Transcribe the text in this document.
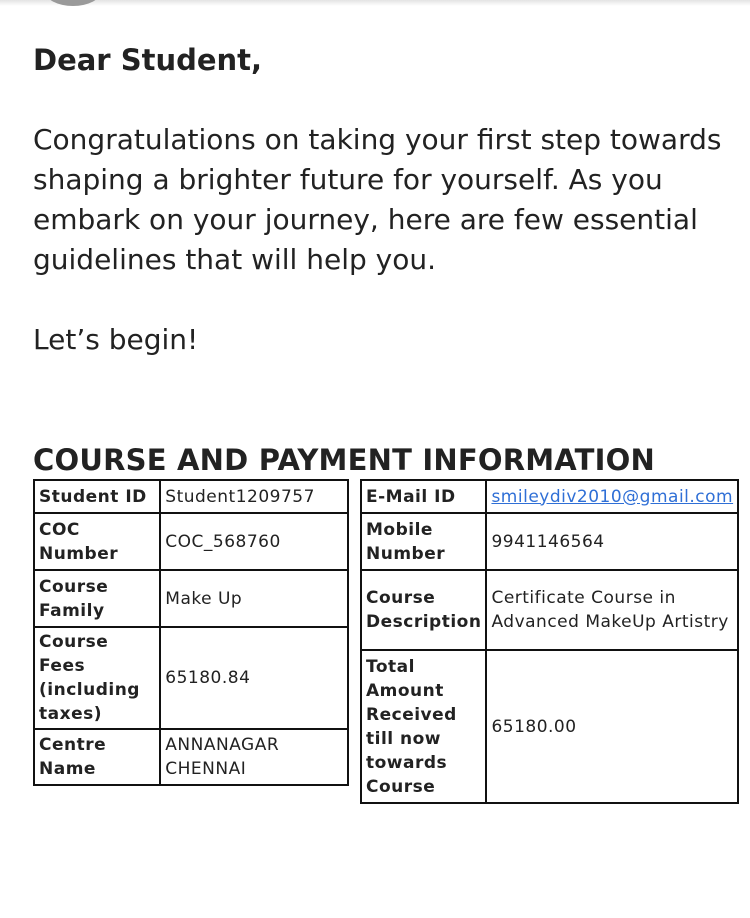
Dear Student,

Congratulations on taking your first step towards shaping a brighter future for yourself. As you embark on your journey, here are few essential guidelines that will help you.

Let’s begin!

COURSE AND PAYMENT INFORMATION
Student ID	Student1209757
COC Number	COC_568760
Course Family	Make Up
Course Fees (including taxes)	65180.84
Centre Name	ANNANAGAR CHENNAI
E-Mail ID	smileydiv2010@gmail.com
Mobile Number	9941146564
Course Description	Certificate Course in Advanced MakeUp Artistry
Total Amount Received till now towards Course	65180.00
